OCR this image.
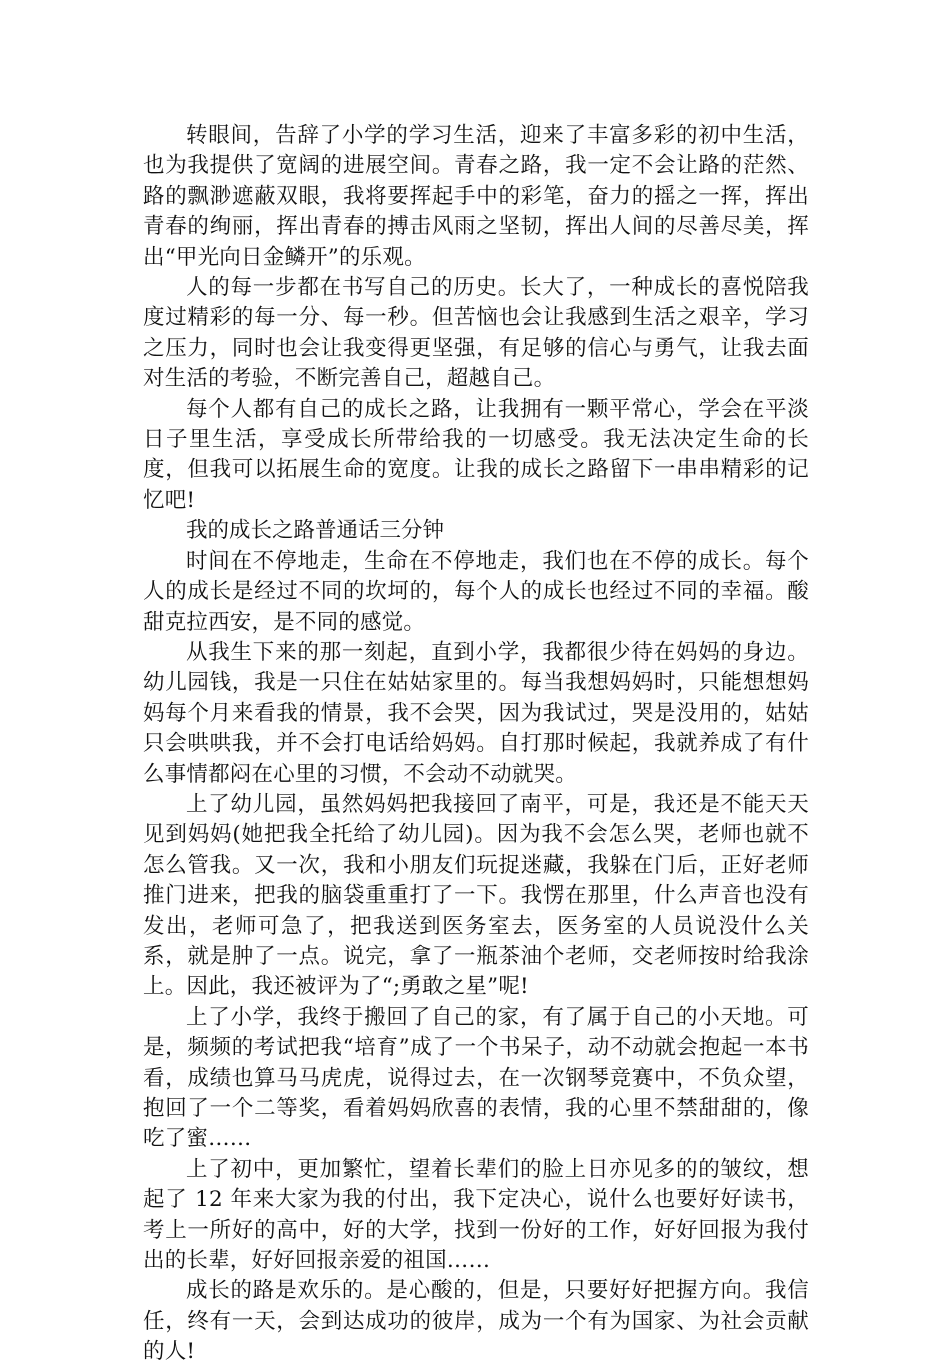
转眼间，告辞了小学的学习生活，迎来了丰富多彩的初中生活，也为我提供了宽阔的进展空间。青春之路，我一定不会让路的茫然、路的飘渺遮蔽双眼，我将要挥起手中的彩笔，奋力的摇之一挥，挥出青春的绚丽，挥出青春的搏击风雨之坚韧，挥出人间的尽善尽美，挥出“甲光向日金鳞开”的乐观。

人的每一步都在书写自己的历史。长大了，一种成长的喜悦陪我度过精彩的每一分、每一秒。但苦恼也会让我感到生活之艰辛，学习之压力，同时也会让我变得更坚强，有足够的信心与勇气，让我去面对生活的考验，不断完善自己，超越自己。

每个人都有自己的成长之路，让我拥有一颗平常心，学会在平淡日子里生活，享受成长所带给我的一切感受。我无法决定生命的长度，但我可以拓展生命的宽度。让我的成长之路留下一串串精彩的记忆吧!

我的成长之路普通话三分钟

时间在不停地走，生命在不停地走，我们也在不停的成长。每个人的成长是经过不同的坎坷的，每个人的成长也经过不同的幸福。酸甜克拉西安，是不同的感觉。

从我生下来的那一刻起，直到小学，我都很少待在妈妈的身边。幼儿园钱，我是一只住在姑姑家里的。每当我想妈妈时，只能想想妈妈每个月来看我的情景，我不会哭，因为我试过，哭是没用的，姑姑只会哄哄我，并不会打电话给妈妈。自打那时候起，我就养成了有什么事情都闷在心里的习惯，不会动不动就哭。

上了幼儿园，虽然妈妈把我接回了南平，可是，我还是不能天天见到妈妈(她把我全托给了幼儿园)。因为我不会怎么哭，老师也就不怎么管我。又一次，我和小朋友们玩捉迷藏，我躲在门后，正好老师推门进来，把我的脑袋重重打了一下。我愣在那里，什么声音也没有发出，老师可急了，把我送到医务室去，医务室的人员说没什么关系，就是肿了一点。说完，拿了一瓶茶油个老师，交老师按时给我涂上。因此，我还被评为了“;勇敢之星”呢!

上了小学，我终于搬回了自己的家，有了属于自己的小天地。可是，频频的考试把我“培育”成了一个书呆子，动不动就会抱起一本书看，成绩也算马马虎虎，说得过去，在一次钢琴竞赛中，不负众望，抱回了一个二等奖，看着妈妈欣喜的表情，我的心里不禁甜甜的，像吃了蜜……

上了初中，更加繁忙，望着长辈们的脸上日亦见多的的皱纹，想起了 12 年来大家为我的付出，我下定决心，说什么也要好好读书，考上一所好的高中，好的大学，找到一份好的工作，好好回报为我付出的长辈，好好回报亲爱的祖国……

成长的路是欢乐的。是心酸的，但是，只要好好把握方向。我信任，终有一天，会到达成功的彼岸，成为一个有为国家、为社会贡献的人!
